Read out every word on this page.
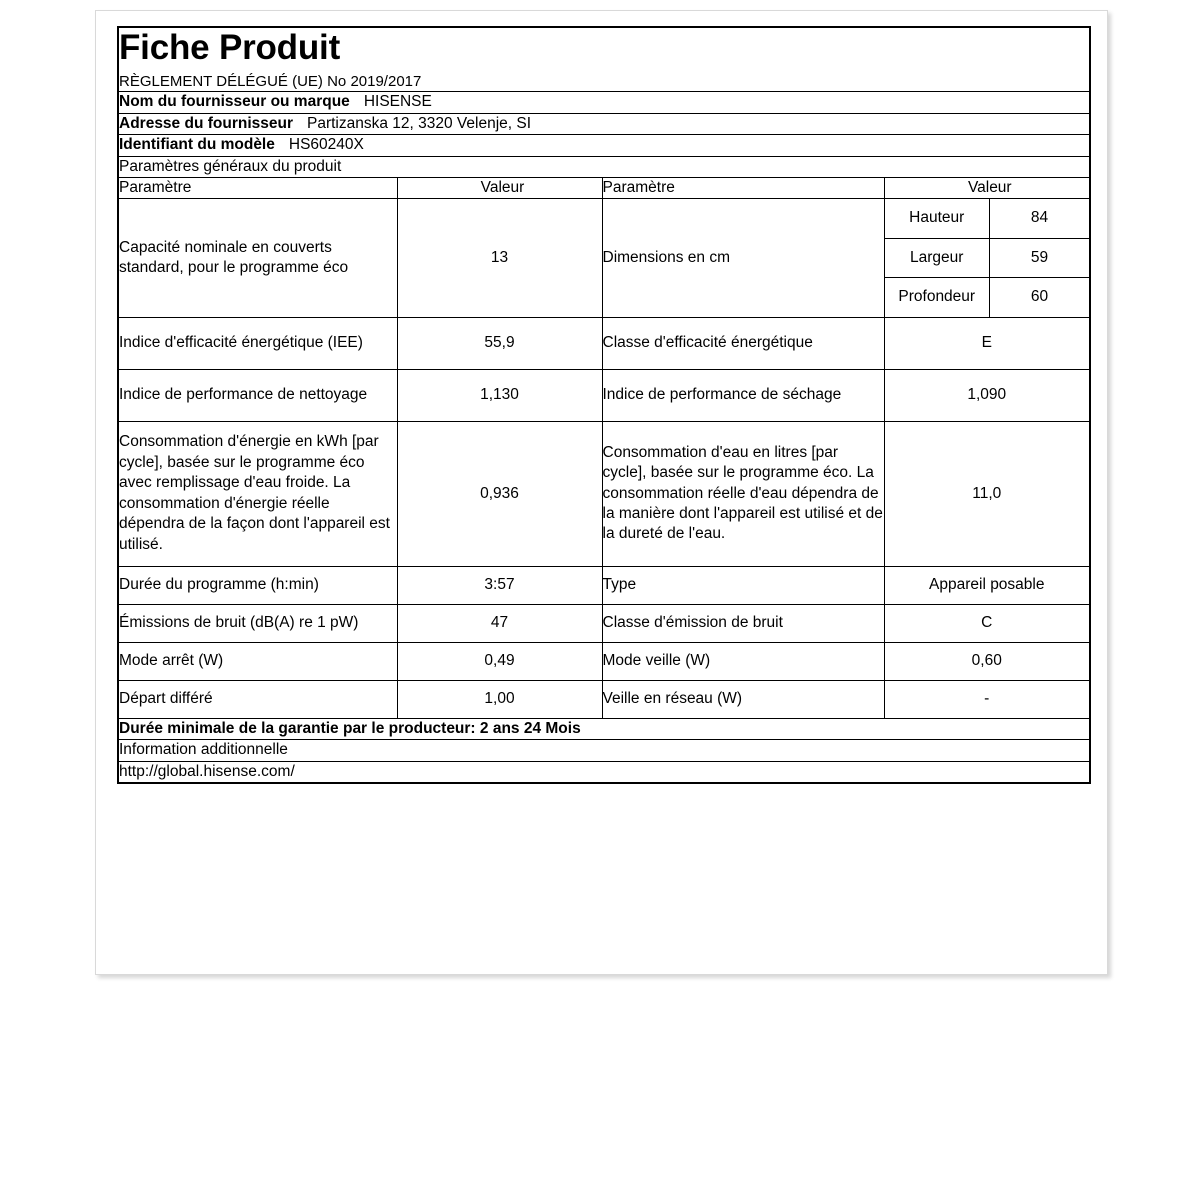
Fiche Produit
RÈGLEMENT DÉLÉGUÉ (UE) No 2019/2017

Nom du fournisseur ou marque HISENSE
Adresse du fournisseur Partizanska 12, 3320 Velenje, SI
Identifiant du modèle HS60240X
Paramètres généraux du produit
Paramètre	Valeur	Paramètre	Valeur
Capacité nominale en couverts standard, pour le programme éco	13	Dimensions en cm	
Hauteur	84
Largeur	59
Profondeur	60

Indice d'efficacité énergétique (IEE)	55,9	Classe d'efficacité énergétique	E
Indice de performance de nettoyage	1,130	Indice de performance de séchage	1,090
Consommation d'énergie en kWh [par cycle], basée sur le programme éco avec remplissage d'eau froide. La consommation d'énergie réelle dépendra de la façon dont l'appareil est utilisé.	0,936	Consommation d'eau en litres [par cycle], basée sur le programme éco. La consommation réelle d'eau dépendra de la manière dont l'appareil est utilisé et de la dureté de l'eau.	11,0
Durée du programme (h:min)	3:57	Type	Appareil posable
Émissions de bruit (dB(A) re 1 pW)	47	Classe d'émission de bruit	C
Mode arrêt (W)	0,49	Mode veille (W)	0,60
Départ différé	1,00	Veille en réseau (W)	-
Durée minimale de la garantie par le producteur: 2 ans 24 Mois
Information additionnelle
http://global.hisense.com/
